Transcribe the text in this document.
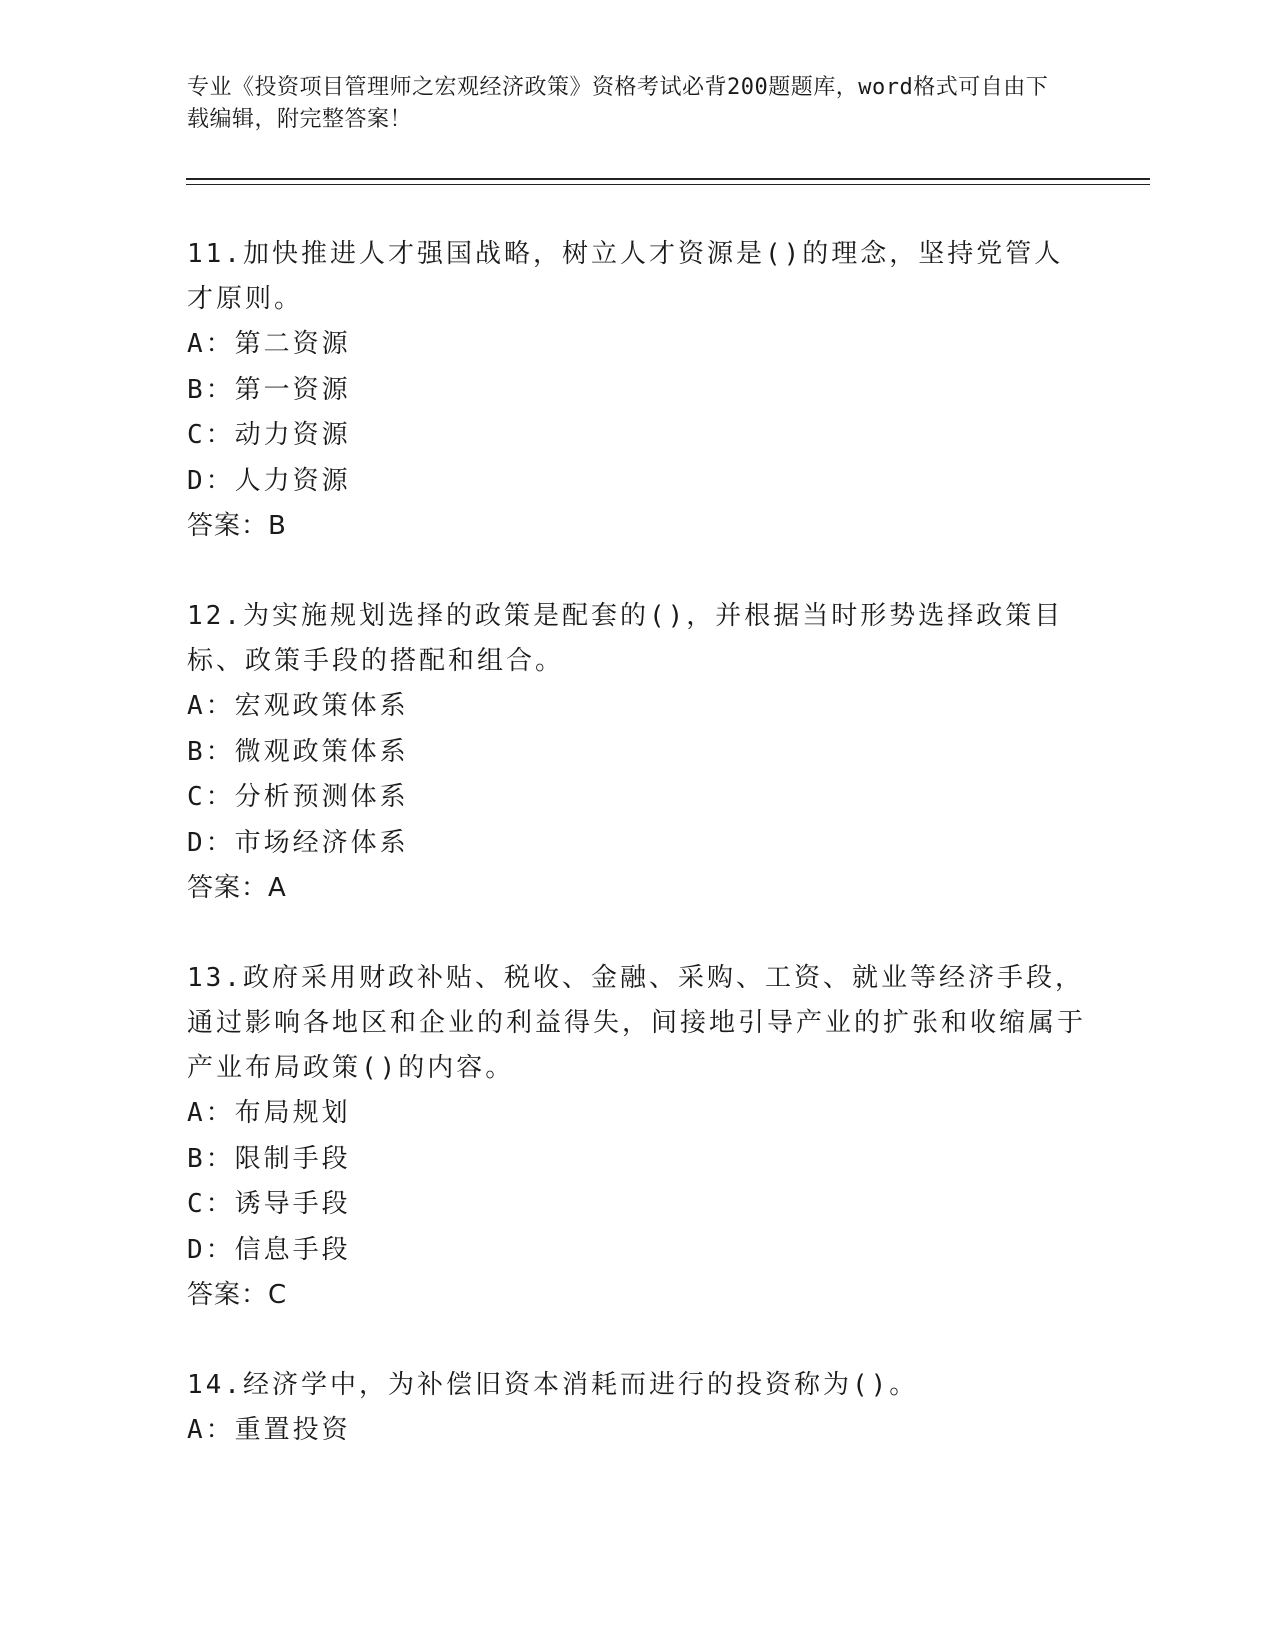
专业《投资项目管理师之宏观经济政策》资格考试必背200题题库，word格式可自由下载编辑，附完整答案！
11.加快推进人才强国战略，树立人才资源是()的理念，坚持党管人才原则。
A：第二资源
B：第一资源
C：动力资源
D：人力资源
答案：B
12.为实施规划选择的政策是配套的()，并根据当时形势选择政策目标、政策手段的搭配和组合。
A：宏观政策体系
B：微观政策体系
C：分析预测体系
D：市场经济体系
答案：A
13.政府采用财政补贴、税收、金融、采购、工资、就业等经济手段，通过影响各地区和企业的利益得失，间接地引导产业的扩张和收缩属于产业布局政策()的内容。
A：布局规划
B：限制手段
C：诱导手段
D：信息手段
答案：C
14.经济学中，为补偿旧资本消耗而进行的投资称为()。
A：重置投资
